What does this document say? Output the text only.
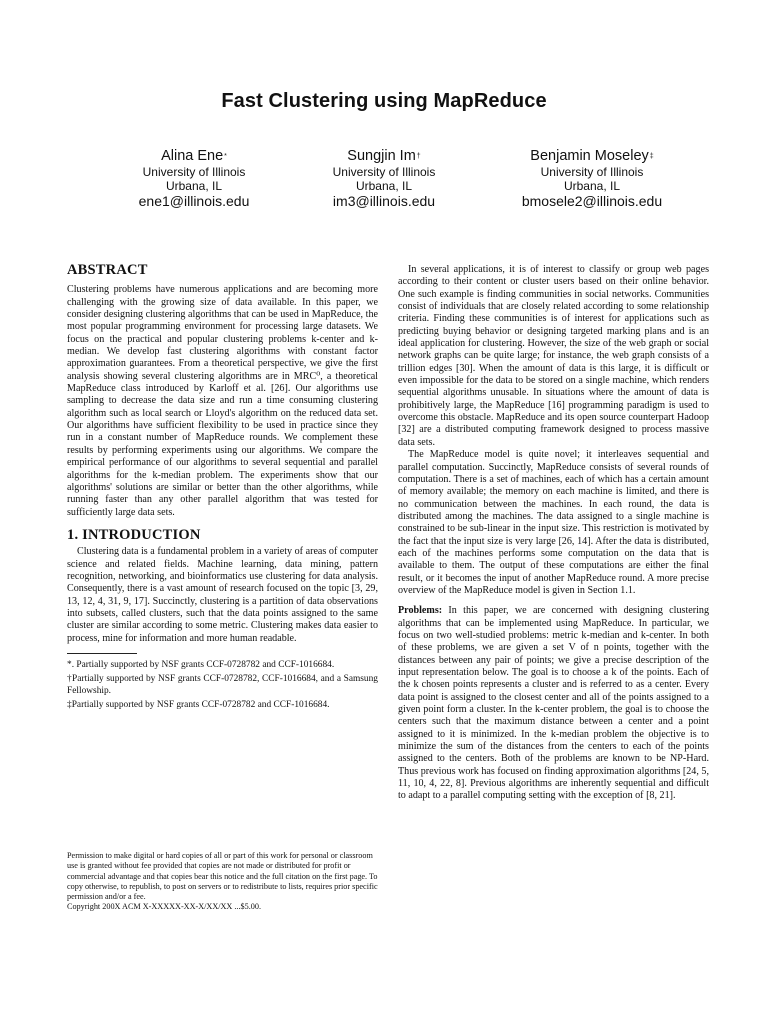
Fast Clustering using MapReduce
Alina Ene*
University of Illinois
Urbana, IL
ene1@illinois.edu
Sungjin Im†
University of Illinois
Urbana, IL
im3@illinois.edu
Benjamin Moseley‡
University of Illinois
Urbana, IL
bmosele2@illinois.edu
ABSTRACT

Clustering problems have numerous applications and are becoming more challenging with the growing size of data available. In this paper, we consider designing clustering algorithms that can be used in MapReduce, the most popular programming environment for processing large datasets. We focus on the practical and popular clustering problems k-center and k-median. We develop fast clustering algorithms with constant factor approximation guarantees. From a theoretical perspective, we give the first analysis showing several clustering algorithms are in MRC⁰, a theoretical MapReduce class introduced by Karloff et al. [26]. Our algorithms use sampling to decrease the data size and run a time consuming clustering algorithm such as local search or Lloyd's algorithm on the reduced data set. Our algorithms have sufficient flexibility to be used in practice since they run in a constant number of MapReduce rounds. We complement these results by performing experiments using our algorithms. We compare the empirical performance of our algorithms to several sequential and parallel algorithms for the k-median problem. The experiments show that our algorithms' solutions are similar or better than the other algorithms, while running faster than any other parallel algorithm that was tested for sufficiently large data sets.

1. INTRODUCTION

Clustering data is a fundamental problem in a variety of areas of computer science and related fields. Machine learning, data mining, pattern recognition, networking, and bioinformatics use clustering for data analysis. Consequently, there is a vast amount of research focused on the topic [3, 29, 13, 12, 4, 31, 9, 17]. Succinctly, clustering is a partition of data observations into subsets, called clusters, such that the data points assigned to the same cluster are similar according to some metric. Clustering makes data easier to process, mine for information and more human readable.

*. Partially supported by NSF grants CCF-0728782 and CCF-1016684.

†Partially supported by NSF grants CCF-0728782, CCF-1016684, and a Samsung Fellowship.

‡Partially supported by NSF grants CCF-0728782 and CCF-1016684.

Permission to make digital or hard copies of all or part of this work for personal or classroom use is granted without fee provided that copies are not made or distributed for profit or commercial advantage and that copies bear this notice and the full citation on the first page. To copy otherwise, to republish, to post on servers or to redistribute to lists, requires prior specific permission and/or a fee.

Copyright 200X ACM X-XXXXX-XX-X/XX/XX ...$5.00.

In several applications, it is of interest to classify or group web pages according to their content or cluster users based on their online behavior. One such example is finding communities in social networks. Communities consist of individuals that are closely related according to some relationship criteria. Finding these communities is of interest for applications such as predicting buying behavior or designing targeted marking plans and is an ideal application for clustering. However, the size of the web graph or social network graphs can be quite large; for instance, the web graph consists of a trillion edges [30]. When the amount of data is this large, it is difficult or even impossible for the data to be stored on a single machine, which renders sequential algorithms unusable. In situations where the amount of data is prohibitively large, the MapReduce [16] programming paradigm is used to overcome this obstacle. MapReduce and its open source counterpart Hadoop [32] are a distributed computing framework designed to process massive data sets.

The MapReduce model is quite novel; it interleaves sequential and parallel computation. Succinctly, MapReduce consists of several rounds of computation. There is a set of machines, each of which has a certain amount of memory available; the memory on each machine is limited, and there is no communication between the machines. In each round, the data is distributed among the machines. The data assigned to a single machine is constrained to be sub-linear in the input size. This restriction is motivated by the fact that the input size is very large [26, 14]. After the data is distributed, each of the machines performs some computation on the data that is available to them. The output of these computations are either the final result, or it becomes the input of another MapReduce round. A more precise overview of the MapReduce model is given in Section 1.1.

Problems: In this paper, we are concerned with designing clustering algorithms that can be implemented using MapReduce. In particular, we focus on two well-studied problems: metric k-median and k-center. In both of these problems, we are given a set V of n points, together with the distances between any pair of points; we give a precise description of the input representation below. The goal is to choose a k of the points. Each of the k chosen points represents a cluster and is referred to as a center. Every data point is assigned to the closest center and all of the points assigned to a given point form a cluster. In the k-center problem, the goal is to choose the centers such that the maximum distance between a center and a point assigned to it is minimized. In the k-median problem the objective is to minimize the sum of the distances from the centers to each of the points assigned to the centers. Both of the problems are known to be NP-Hard. Thus previous work has focused on finding approximation algorithms [24, 5, 11, 10, 4, 22, 8]. Previous algorithms are inherently sequential and difficult to adapt to a parallel computing setting with the exception of [8, 21].
